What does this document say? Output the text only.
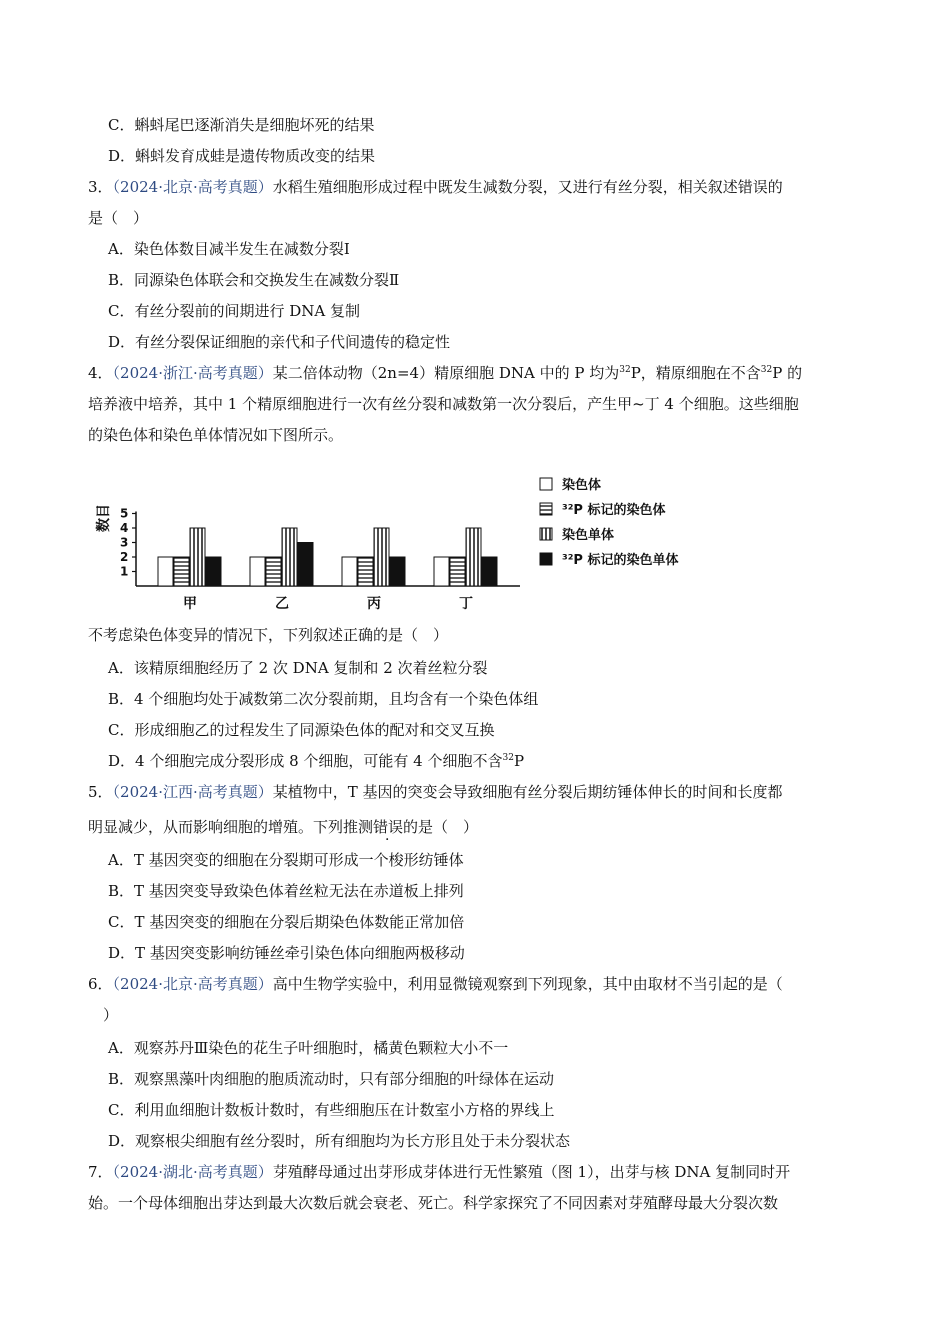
C．蝌蚪尾巴逐渐消失是细胞坏死的结果
D．蝌蚪发育成蛙是遗传物质改变的结果
3．（2024·北京·高考真题）水稻生殖细胞形成过程中既发生减数分裂，又进行有丝分裂，相关叙述错误的
是（　）
A．染色体数目减半发生在减数分裂Ⅰ
B．同源染色体联会和交换发生在减数分裂Ⅱ
C．有丝分裂前的间期进行 DNA 复制
D．有丝分裂保证细胞的亲代和子代间遗传的稳定性
4．（2024·浙江·高考真题）某二倍体动物（2n=4）精原细胞 DNA 中的 P 均为$^{32}$P，精原细胞在不含$^{32}$P 的
培养液中培养，其中 1 个精原细胞进行一次有丝分裂和减数第一次分裂后，产生甲~丁 4 个细胞。这些细胞
的染色体和染色单体情况如下图所示。
1
2
3
4
5
数目
甲	乙	丙	丁
染色体
³²P 标记的染色体
染色单体
³²P 标记的染色单体
不考虑染色体变异的情况下，下列叙述正确的是（　）
A．该精原细胞经历了 2 次 DNA 复制和 2 次着丝粒分裂
B．4 个细胞均处于减数第二次分裂前期，且均含有一个染色体组
C．形成细胞乙的过程发生了同源染色体的配对和交叉互换
D．4 个细胞完成分裂形成 8 个细胞，可能有 4 个细胞不含$^{32}$P
5．（2024·江西·高考真题）某植物中，T 基因的突变会导致细胞有丝分裂后期纺锤体伸长的时间和长度都
明显减少，从而影响细胞的增殖。下列推测错误的是（　）
A．T 基因突变的细胞在分裂期可形成一个梭形纺锤体
B．T 基因突变导致染色体着丝粒无法在赤道板上排列
C．T 基因突变的细胞在分裂后期染色体数能正常加倍
D．T 基因突变影响纺锤丝牵引染色体向细胞两极移动
6．（2024·北京·高考真题）高中生物学实验中，利用显微镜观察到下列现象，其中由取材不当引起的是（
　）
A．观察苏丹Ⅲ染色的花生子叶细胞时，橘黄色颗粒大小不一
B．观察黑藻叶肉细胞的胞质流动时，只有部分细胞的叶绿体在运动
C．利用血细胞计数板计数时，有些细胞压在计数室小方格的界线上
D．观察根尖细胞有丝分裂时，所有细胞均为长方形且处于未分裂状态
7．（2024·湖北·高考真题）芽殖酵母通过出芽形成芽体进行无性繁殖（图 1），出芽与核 DNA 复制同时开
始。一个母体细胞出芽达到最大次数后就会衰老、死亡。科学家探究了不同因素对芽殖酵母最大分裂次数
